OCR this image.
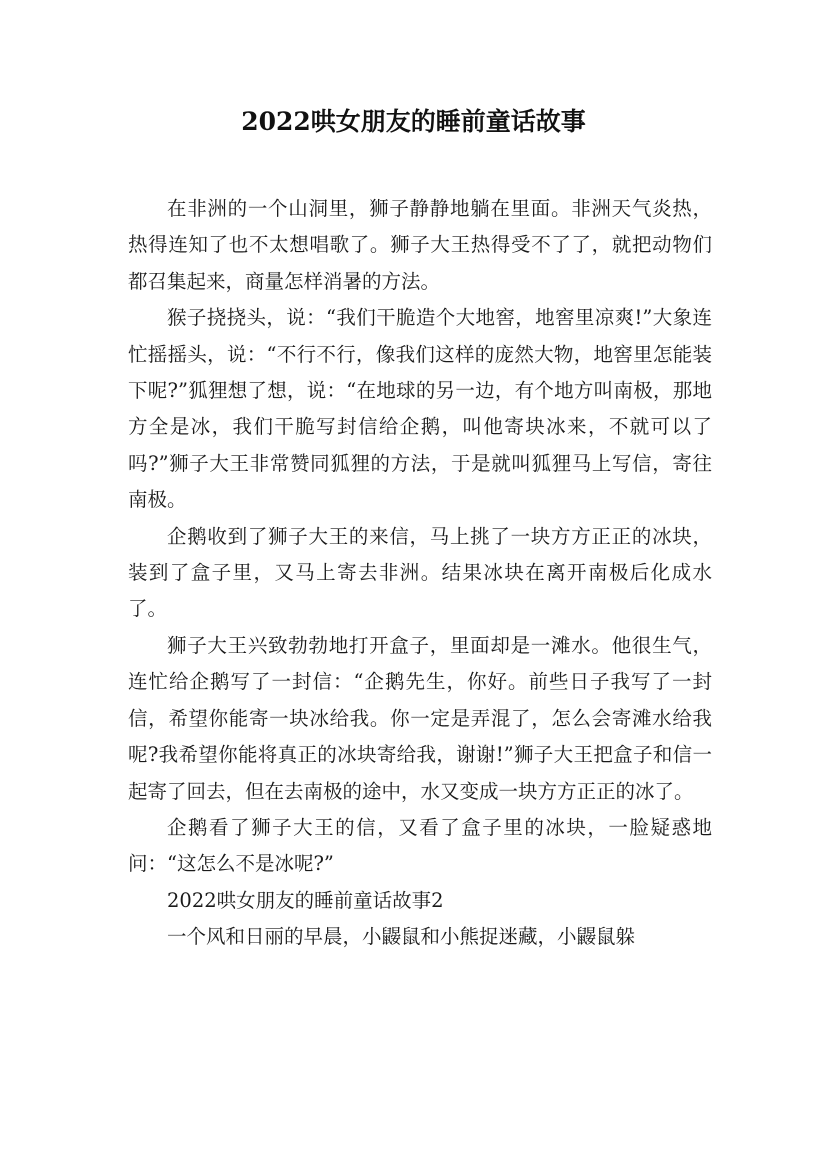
2022哄女朋友的睡前童话故事

在非洲的一个山洞里，狮子静静地躺在里面。非洲天气炎热，热得连知了也不太想唱歌了。狮子大王热得受不了了，就把动物们都召集起来，商量怎样消暑的方法。

猴子挠挠头，说：“我们干脆造个大地窖，地窖里凉爽!”大象连忙摇摇头，说：“不行不行，像我们这样的庞然大物，地窖里怎能装下呢?”狐狸想了想，说：“在地球的另一边，有个地方叫南极，那地方全是冰，我们干脆写封信给企鹅，叫他寄块冰来，不就可以了吗?”狮子大王非常赞同狐狸的方法，于是就叫狐狸马上写信，寄往南极。

企鹅收到了狮子大王的来信，马上挑了一块方方正正的冰块，装到了盒子里，又马上寄去非洲。结果冰块在离开南极后化成水了。

狮子大王兴致勃勃地打开盒子，里面却是一滩水。他很生气，连忙给企鹅写了一封信：“企鹅先生，你好。前些日子我写了一封信，希望你能寄一块冰给我。你一定是弄混了，怎么会寄滩水给我呢?我希望你能将真正的冰块寄给我，谢谢!”狮子大王把盒子和信一起寄了回去，但在去南极的途中，水又变成一块方方正正的冰了。

企鹅看了狮子大王的信，又看了盒子里的冰块，一脸疑惑地问：“这怎么不是冰呢?”

2022哄女朋友的睡前童话故事2

一个风和日丽的早晨，小鼹鼠和小熊捉迷藏，小鼹鼠躲
